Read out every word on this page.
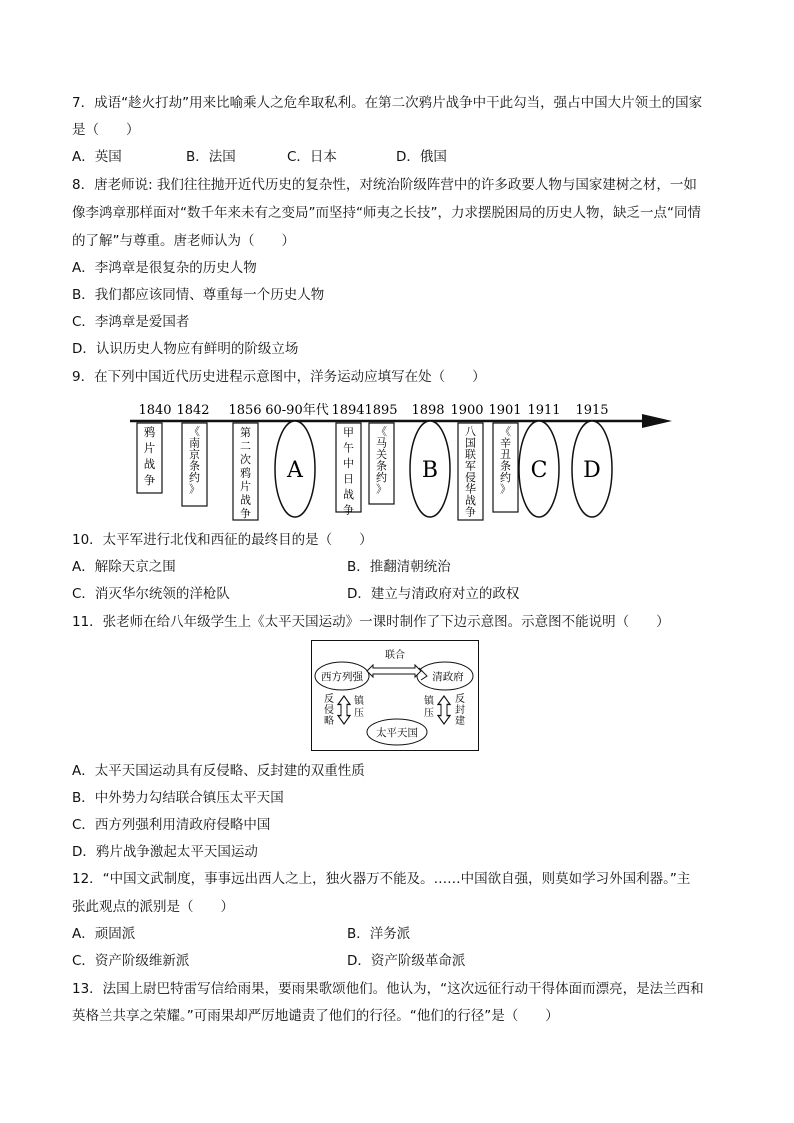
7．成语“趁火打劫”用来比喻乘人之危牟取私利。在第二次鸦片战争中干此勾当，强占中国大片领土的国家
是（　　）
A．英国	B．法国	C．日本	D．俄国
8．唐老师说: 我们往往抛开近代历史的复杂性，对统治阶级阵营中的许多政要人物与国家建树之材，一如
像李鸿章那样面对“数千年来未有之变局”而坚持“师夷之长技”，力求摆脱困局的历史人物，缺乏一点“同情
的了解”与尊重。唐老师认为（　　）
A．李鸿章是很复杂的历史人物
B．我们都应该同情、尊重每一个历史人物
C．李鸿章是爱国者
D．认识历史人物应有鲜明的阶级立场
9．在下列中国近代历史进程示意图中，洋务运动应填写在处（　　）
1840 1842 1856 60-90年代 1894 1895 1898 1900 1901 1911 1915
鸦片战争
《南京条约》
第二次鸦片战争
甲午中日战争
《马关条约》
八国联军侵华战争
《辛丑条约》
A	B	C D
10．太平军进行北伐和西征的最终目的是（　　）
A．解除天京之围	B．推翻清朝统治
C．消灭华尔统领的洋枪队	D．建立与清政府对立的政权
11．张老师在给八年级学生上《太平天国运动》一课时制作了下边示意图。示意图不能说明（　　）
西方列强	清政府
太平天国
联合
反侵略
镇压
镇压
反封建
A．太平天国运动具有反侵略、反封建的双重性质
B．中外势力勾结联合镇压太平天国
C．西方列强利用清政府侵略中国
D．鸦片战争激起太平天国运动
12．“中国文武制度，事事远出西人之上，独火器万不能及。……中国欲自强，则莫如学习外国利器。”主
张此观点的派别是（　　）
A．顽固派	B．洋务派
C．资产阶级维新派	D．资产阶级革命派
13．法国上尉巴特雷写信给雨果，要雨果歌颂他们。他认为，“这次远征行动干得体面而漂亮，是法兰西和
英格兰共享之荣耀。”可雨果却严厉地谴责了他们的行径。“他们的行径”是（　　）
